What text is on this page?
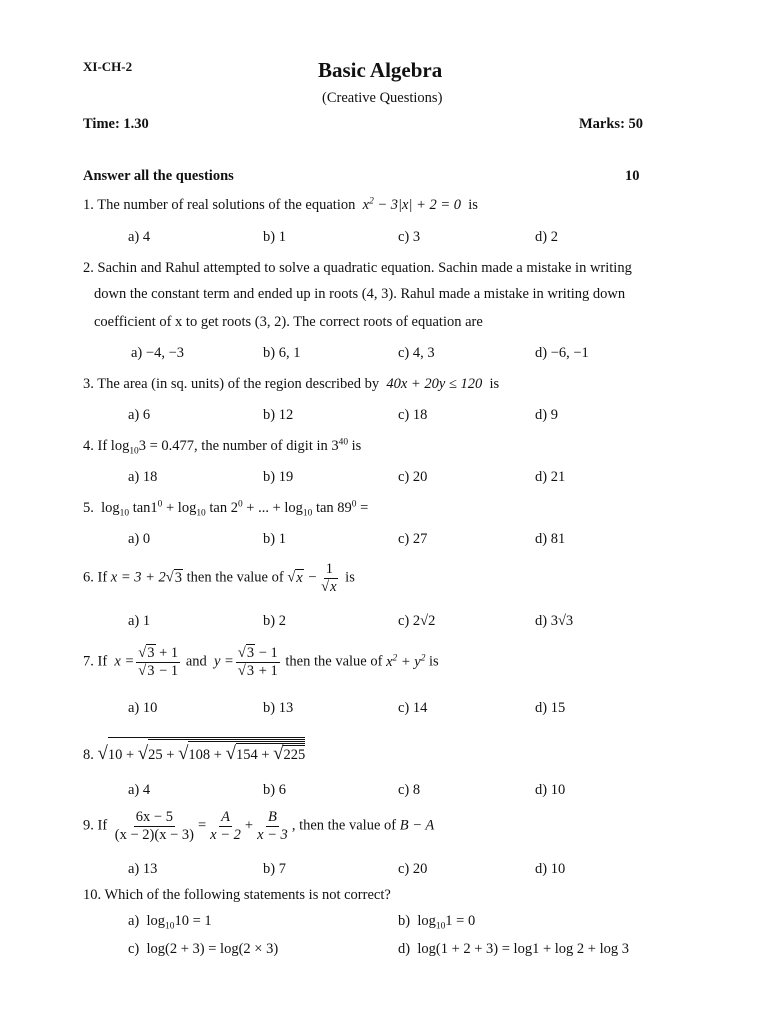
XI-CH-2	Basic Algebra
(Creative Questions)
Time: 1.30	Marks: 50
Answer all the questions	10
1. The number of real solutions of the equation  $x^2 - 3|x| + 2 = 0$  is
a) 4	b) 1	c) 3	d) 2
2. Sachin and Rahul attempted to solve a quadratic equation. Sachin made a mistake in writing
down the constant term and ended up in roots (4, 3). Rahul made a mistake in writing down
coefficient of x to get roots (3, 2). The correct roots of equation are
a) −4, −3	b) 6, 1	c) 4, 3	d) −6, −1
3. The area (in sq. units) of the region described by  40x + 20y ≤ 120  is
a) 6	b) 12	c) 18	d) 9
4. If $\log_{10}3 = 0.477$, the number of digit in $3^{40}$ is
a) 18	b) 19	c) 20	d) 21
5.  $\log_{10} \tan 1^0 + \log_{10} \tan 2^0$ + ... + $\log_{10} \tan 89^0$ =
a) 0	b) 1	c) 27	d) 81
6. If x = 3 + 2√3 then the value of $√x - \frac{1}{√x}$ is
a) 1	b) 2	c) 2√2	d) 3√3
7. If  $x = \frac{√3 + 1}{√3 - 1}$ and  $y = \frac{√3 - 1}{√3 + 1}$ then the value of $x^2 + y^2$ is
a) 10	b) 13	c) 14	d) 15
8. √ 10 + √ 25 + √ 108 + √ 154 + √ 225
a) 4	b) 6	c) 8	d) 10
9. If $\frac{6x - 5}{(x - 2)(x - 3)} = \frac{A}{x - 2} + \frac{B}{x - 3}$ , then the value of B − A
a) 13	b) 7	c) 20	d) 10
10. Which of the following statements is not correct?
a)  $\log_{10}10 = 1$	b)  $\log_{10}1 = 0$
c)  log(2 + 3) = log(2 × 3)	d)  log(1 + 2 + 3) = log1 + log 2 + log 3
